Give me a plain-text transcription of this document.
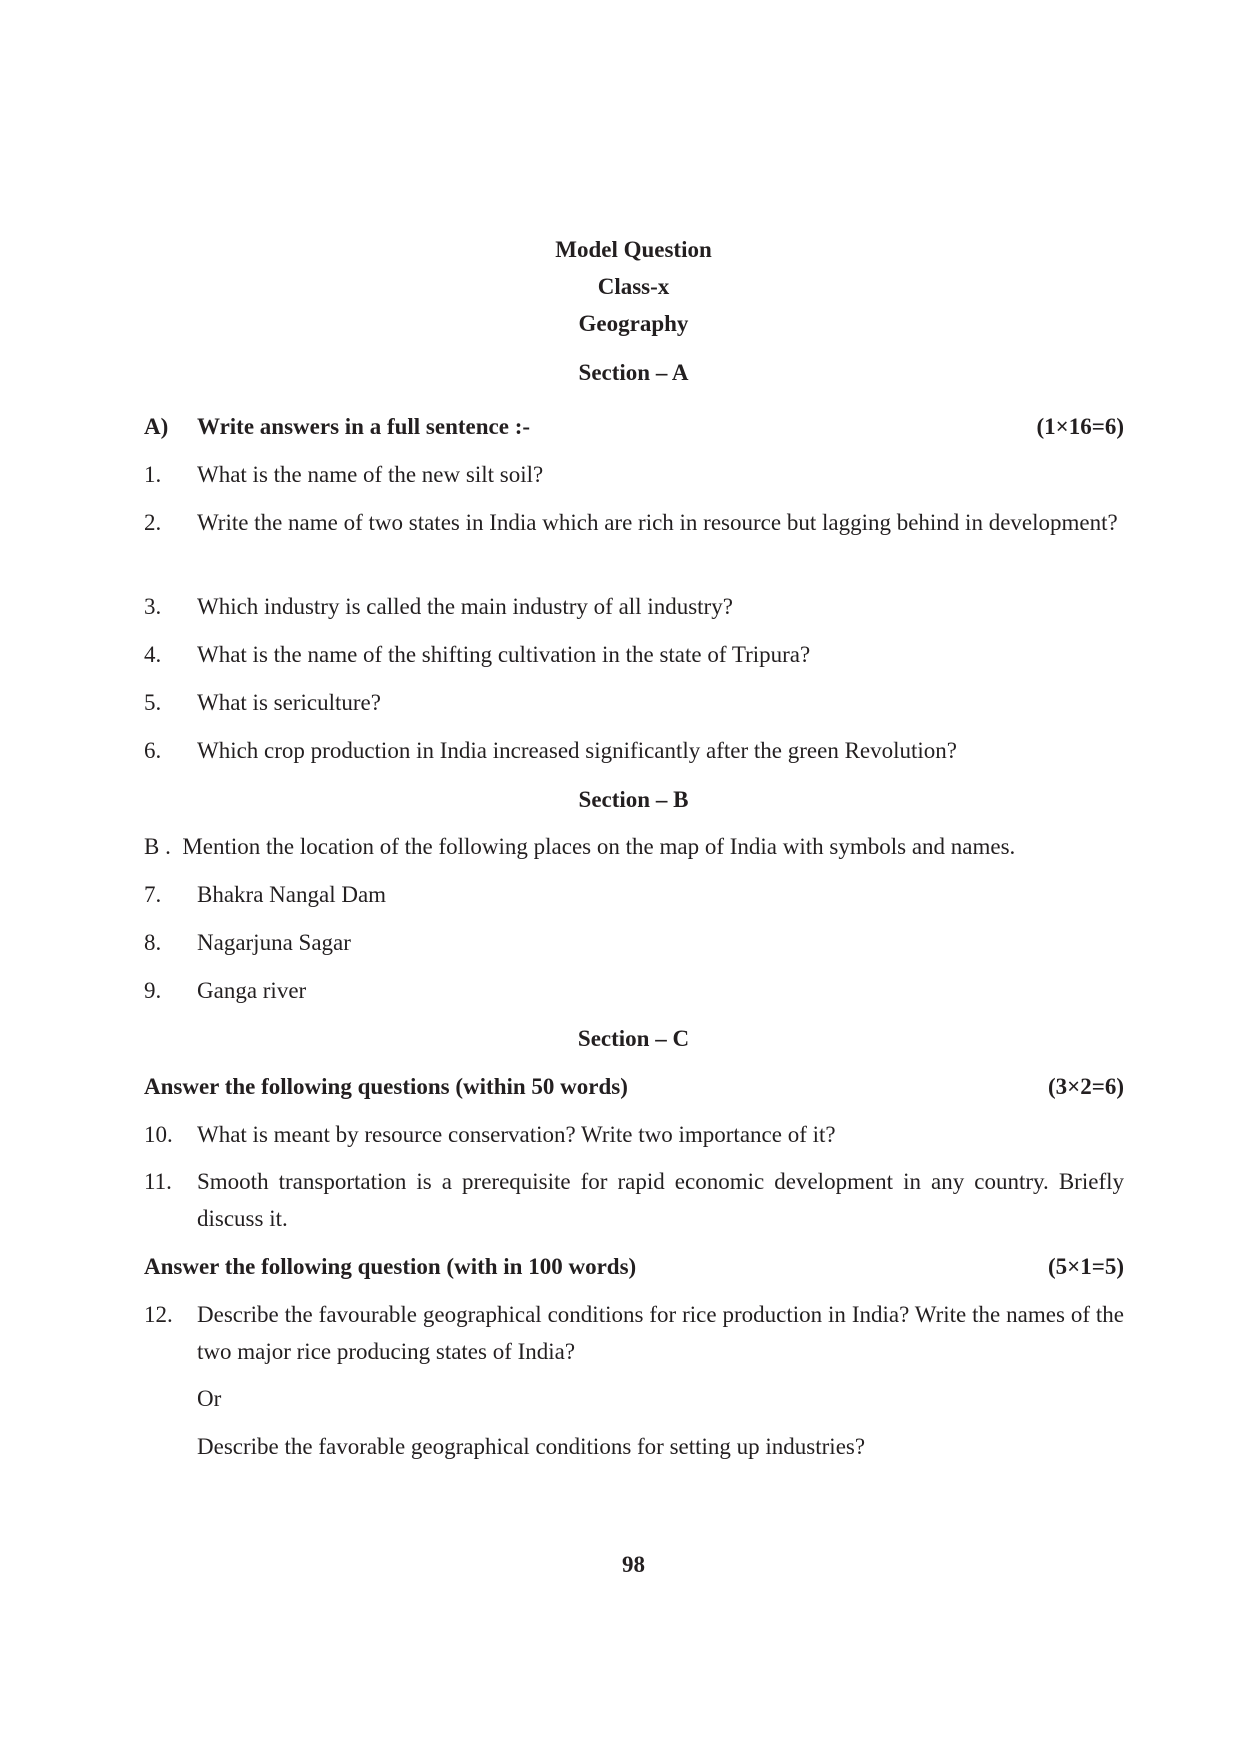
Model Question
Class-x
Geography
Section – A
A) Write answers in a full sentence :-	(1×16=6)
1. What is the name of the new silt soil?
2. Write the name of two states in India which are rich in resource but lagging behind in development?
3. Which industry is called the main industry of all industry?
4. What is the name of the shifting cultivation in the state of Tripura?
5. What is sericulture?
6. Which crop production in India increased significantly after the green Revolution?
Section – B
B .  Mention the location of the following places on the map of India with symbols and names.
7. Bhakra Nangal Dam
8. Nagarjuna Sagar
9. Ganga river
Section – C
Answer the following questions (within 50 words)	(3×2=6)
10. What is meant by resource conservation? Write two importance of it?
11. Smooth transportation is a prerequisite for rapid economic development in any country. Briefly discuss it.
Answer the following question (with in 100 words)	(5×1=5)
12. Describe the favourable geographical conditions for rice production in India? Write the names of the two major rice producing states of India?
Or
Describe the favorable geographical conditions for setting up industries?
98
